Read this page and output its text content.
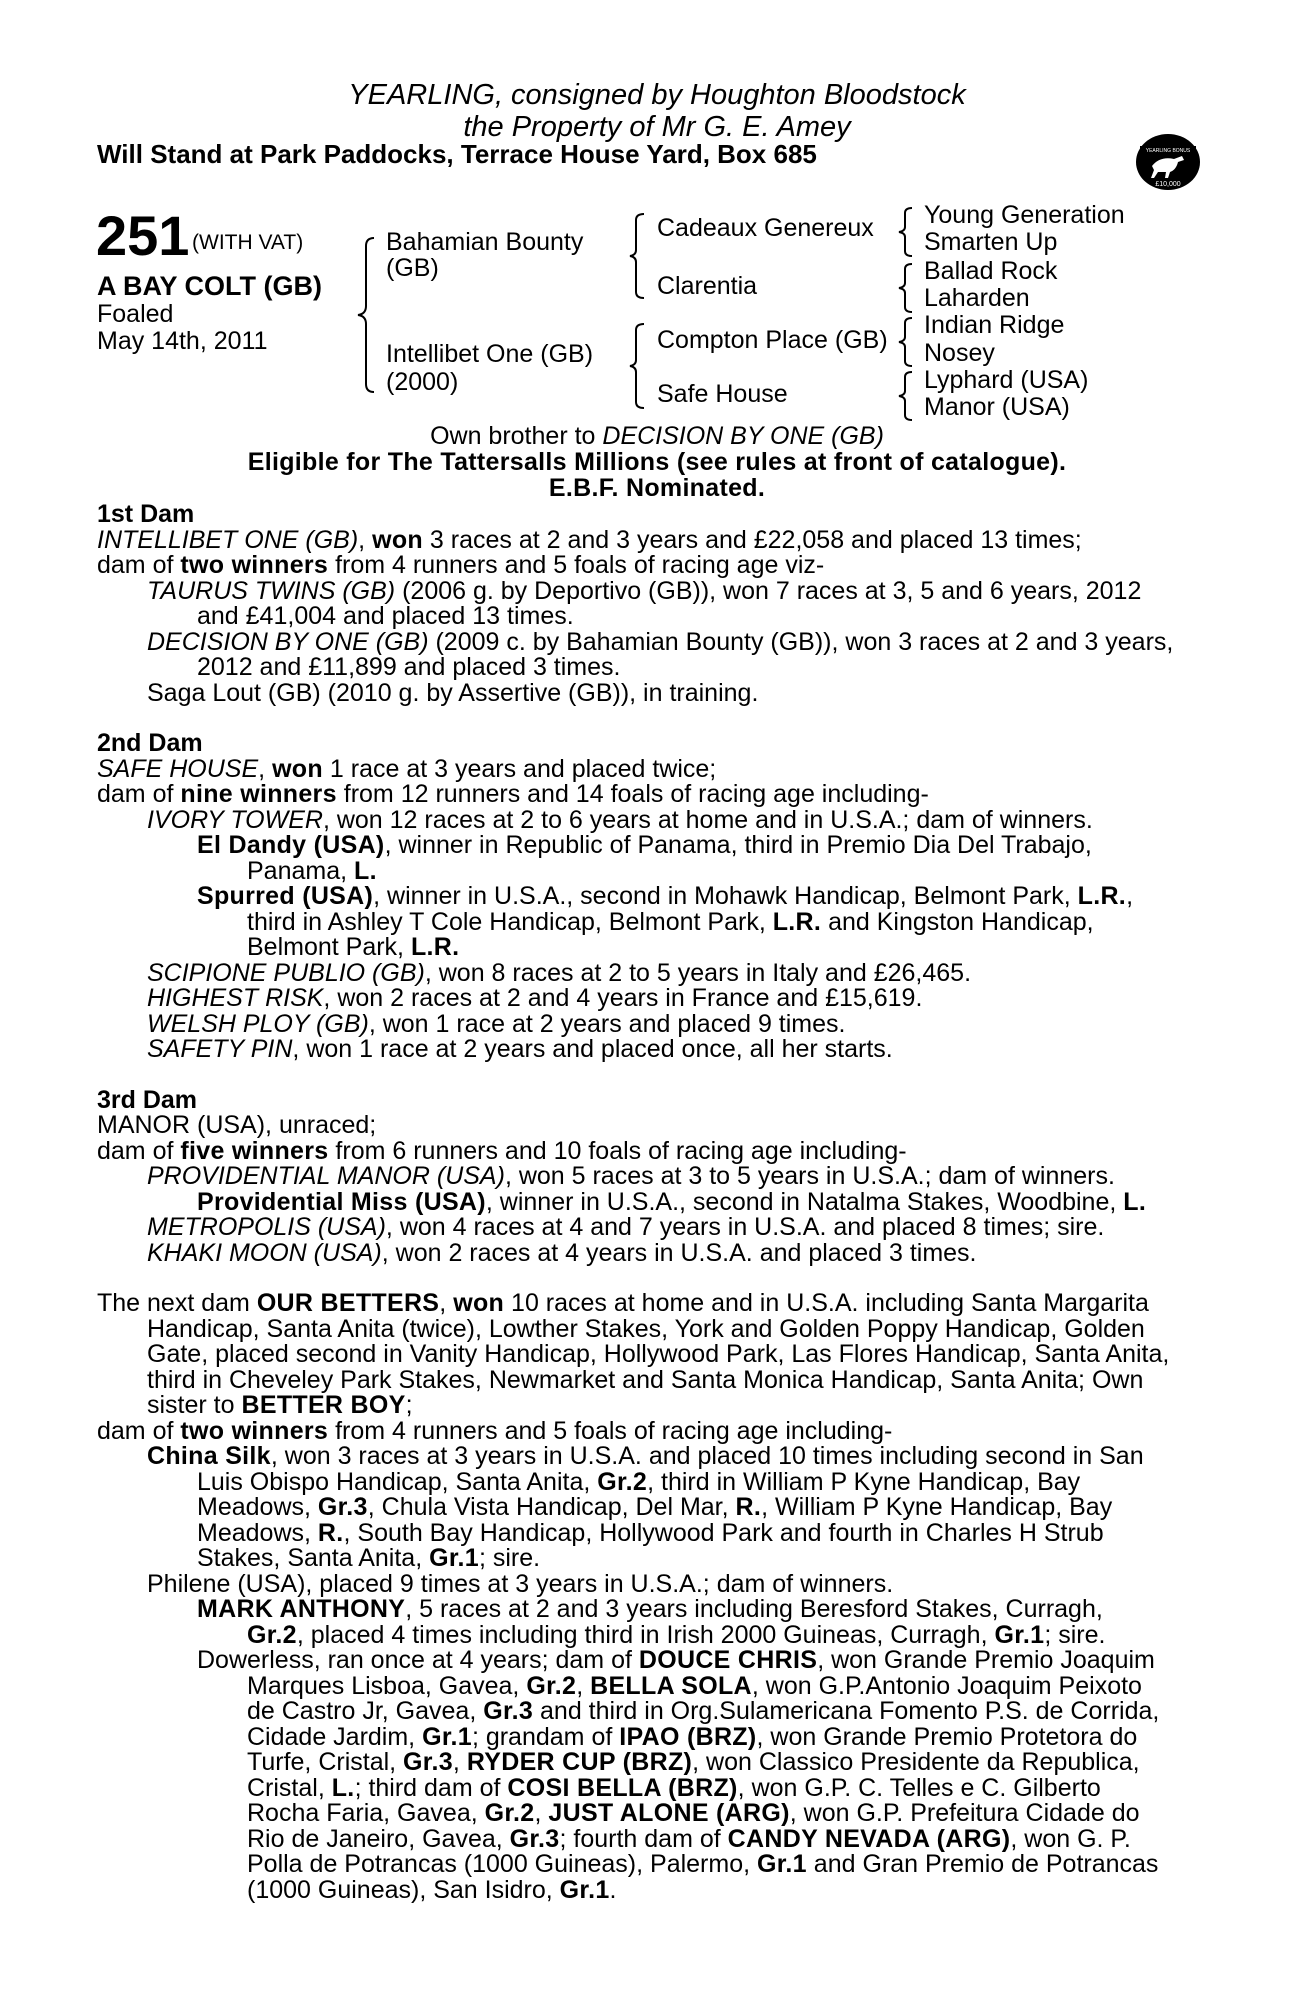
YEARLING, consigned by Houghton Bloodstock
the Property of Mr G. E. Amey
Will Stand at Park Paddocks, Terrace House Yard, Box 685	RACING POST
YEARLING BONUS
£10,000
251 (WITH VAT)
A BAY COLT (GB)
Foaled
May 14th, 2011
Bahamian Bounty
(GB)
Intellibet One (GB)
(2000)
Cadeaux Genereux
Clarentia
Compton Place (GB)
Safe House
Young Generation
Smarten Up
Ballad Rock
Laharden
Indian Ridge
Nosey
Lyphard (USA)
Manor (USA)
Own brother to DECISION BY ONE (GB)
Eligible for The Tattersalls Millions (see rules at front of catalogue).
E.B.F. Nominated.
1st Dam
INTELLIBET ONE (GB), won 3 races at 2 and 3 years and £22,058 and placed 13 times;
dam of two winners from 4 runners and 5 foals of racing age viz-
TAURUS TWINS (GB) (2006 g. by Deportivo (GB)), won 7 races at 3, 5 and 6 years, 2012
and £41,004 and placed 13 times.
DECISION BY ONE (GB) (2009 c. by Bahamian Bounty (GB)), won 3 races at 2 and 3 years,
2012 and £11,899 and placed 3 times.
Saga Lout (GB) (2010 g. by Assertive (GB)), in training.
2nd Dam
SAFE HOUSE, won 1 race at 3 years and placed twice;
dam of nine winners from 12 runners and 14 foals of racing age including-
IVORY TOWER, won 12 races at 2 to 6 years at home and in U.S.A.; dam of winners.
El Dandy (USA), winner in Republic of Panama, third in Premio Dia Del Trabajo,
Panama, L.
Spurred (USA), winner in U.S.A., second in Mohawk Handicap, Belmont Park, L.R.,
third in Ashley T Cole Handicap, Belmont Park, L.R. and Kingston Handicap,
Belmont Park, L.R.
SCIPIONE PUBLIO (GB), won 8 races at 2 to 5 years in Italy and £26,465.
HIGHEST RISK, won 2 races at 2 and 4 years in France and £15,619.
WELSH PLOY (GB), won 1 race at 2 years and placed 9 times.
SAFETY PIN, won 1 race at 2 years and placed once, all her starts.
3rd Dam
MANOR (USA), unraced;
dam of five winners from 6 runners and 10 foals of racing age including-
PROVIDENTIAL MANOR (USA), won 5 races at 3 to 5 years in U.S.A.; dam of winners.
Providential Miss (USA), winner in U.S.A., second in Natalma Stakes, Woodbine, L.
METROPOLIS (USA), won 4 races at 4 and 7 years in U.S.A. and placed 8 times; sire.
KHAKI MOON (USA), won 2 races at 4 years in U.S.A. and placed 3 times.
The next dam OUR BETTERS, won 10 races at home and in U.S.A. including Santa Margarita
Handicap, Santa Anita (twice), Lowther Stakes, York and Golden Poppy Handicap, Golden
Gate, placed second in Vanity Handicap, Hollywood Park, Las Flores Handicap, Santa Anita,
third in Cheveley Park Stakes, Newmarket and Santa Monica Handicap, Santa Anita; Own
sister to BETTER BOY;
dam of two winners from 4 runners and 5 foals of racing age including-
China Silk, won 3 races at 3 years in U.S.A. and placed 10 times including second in San
Luis Obispo Handicap, Santa Anita, Gr.2, third in William P Kyne Handicap, Bay
Meadows, Gr.3, Chula Vista Handicap, Del Mar, R., William P Kyne Handicap, Bay
Meadows, R., South Bay Handicap, Hollywood Park and fourth in Charles H Strub
Stakes, Santa Anita, Gr.1; sire.
Philene (USA), placed 9 times at 3 years in U.S.A.; dam of winners.
MARK ANTHONY, 5 races at 2 and 3 years including Beresford Stakes, Curragh,
Gr.2, placed 4 times including third in Irish 2000 Guineas, Curragh, Gr.1; sire.
Dowerless, ran once at 4 years; dam of DOUCE CHRIS, won Grande Premio Joaquim
Marques Lisboa, Gavea, Gr.2, BELLA SOLA, won G.P.Antonio Joaquim Peixoto
de Castro Jr, Gavea, Gr.3 and third in Org.Sulamericana Fomento P.S. de Corrida,
Cidade Jardim, Gr.1; grandam of IPAO (BRZ), won Grande Premio Protetora do
Turfe, Cristal, Gr.3, RYDER CUP (BRZ), won Classico Presidente da Republica,
Cristal, L.; third dam of COSI BELLA (BRZ), won G.P. C. Telles e C. Gilberto
Rocha Faria, Gavea, Gr.2, JUST ALONE (ARG), won G.P. Prefeitura Cidade do
Rio de Janeiro, Gavea, Gr.3; fourth dam of CANDY NEVADA (ARG), won G. P.
Polla de Potrancas (1000 Guineas), Palermo, Gr.1 and Gran Premio de Potrancas
(1000 Guineas), San Isidro, Gr.1.
